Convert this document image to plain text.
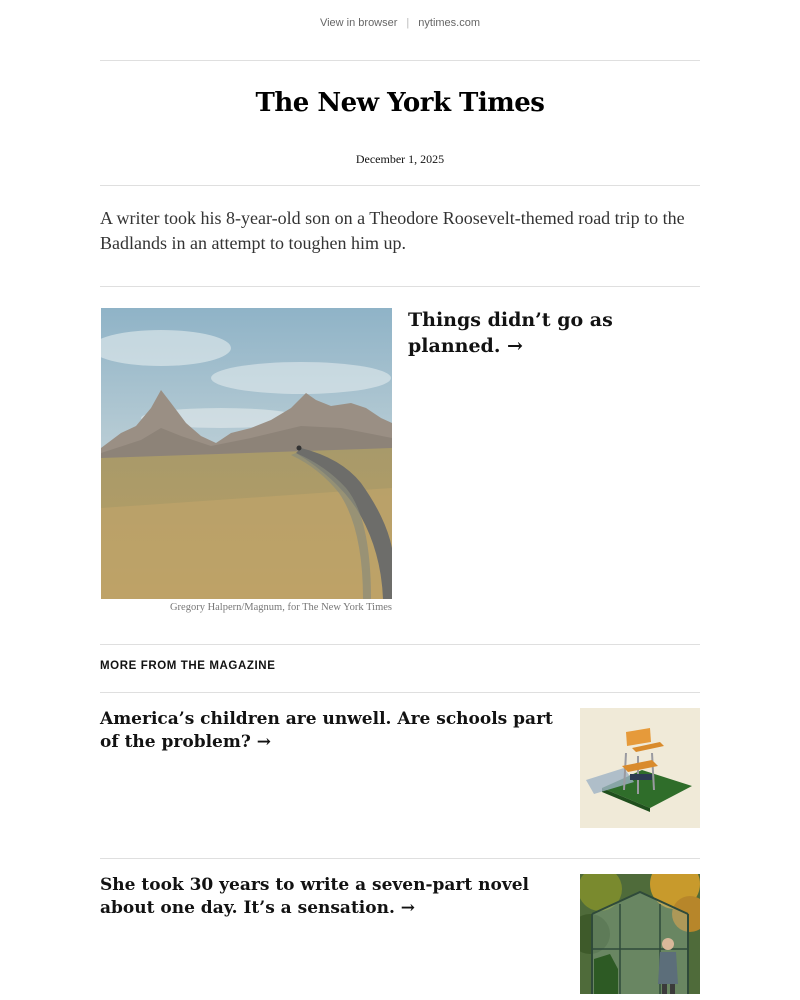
View in browser | nytimes.com
The New York Times
December 1, 2025
A writer took his 8-year-old son on a Theodore Roosevelt-themed road trip to the Badlands in an attempt to toughen him up.
Gregory Halpern/Magnum, for The New York Times
Things didn’t go as planned. →
MORE FROM THE MAGAZINE
America’s children are unwell. Are schools part of the problem? →
She took 30 years to write a seven-part novel about one day. It’s a sensation. →
